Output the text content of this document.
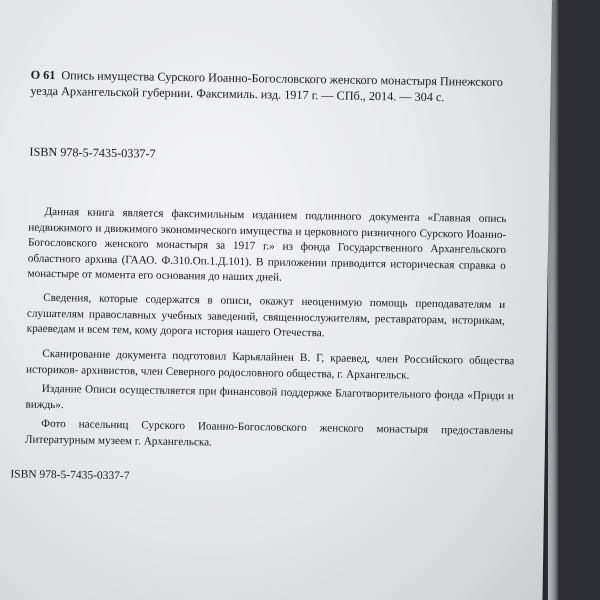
О 61 Опись имущества Сурского Иоанно-Богословского женского монастыря Пинежского уезда Архангельской губернии. Факсимиль. изд. 1917 г. — СПб., 2014. — 304 с.
ISBN 978-5-7435-0337-7

Данная книга является факсимильным изданием подлинного документа «Главная опись недвижимого и движимого экономического имущества и церковного ризничного Сурского Иоанно-Богословского женского монастыря за 1917 г.» из фонда Государственного Архангельского областного архива (ГААО. Ф.310.Оп.1.Д.101). В приложении приводится историческая справка о монастыре от момента его основания до наших дней.

Сведения, которые содержатся в описи, окажут неоценимую помощь преподавателям и слушателям православных учебных заведений, священнослужителям, реставраторам, историкам, краеведам и всем тем, кому дорога история нашего Отечества.

Сканирование документа подготовил Карьялайнен В. Г, краевед, член Российского общества историков- архивистов, член Северного родословного общества, г. Архангельск.

Издание Описи осуществляется при финансовой поддержке Благотворительного фонда «Приди и виждь».

Фото насельниц Сурского Иоанно-Богословского женского монастыря предоставлены Литературным музеем г. Архангельска.

ISBN 978-5-7435-0337-7
